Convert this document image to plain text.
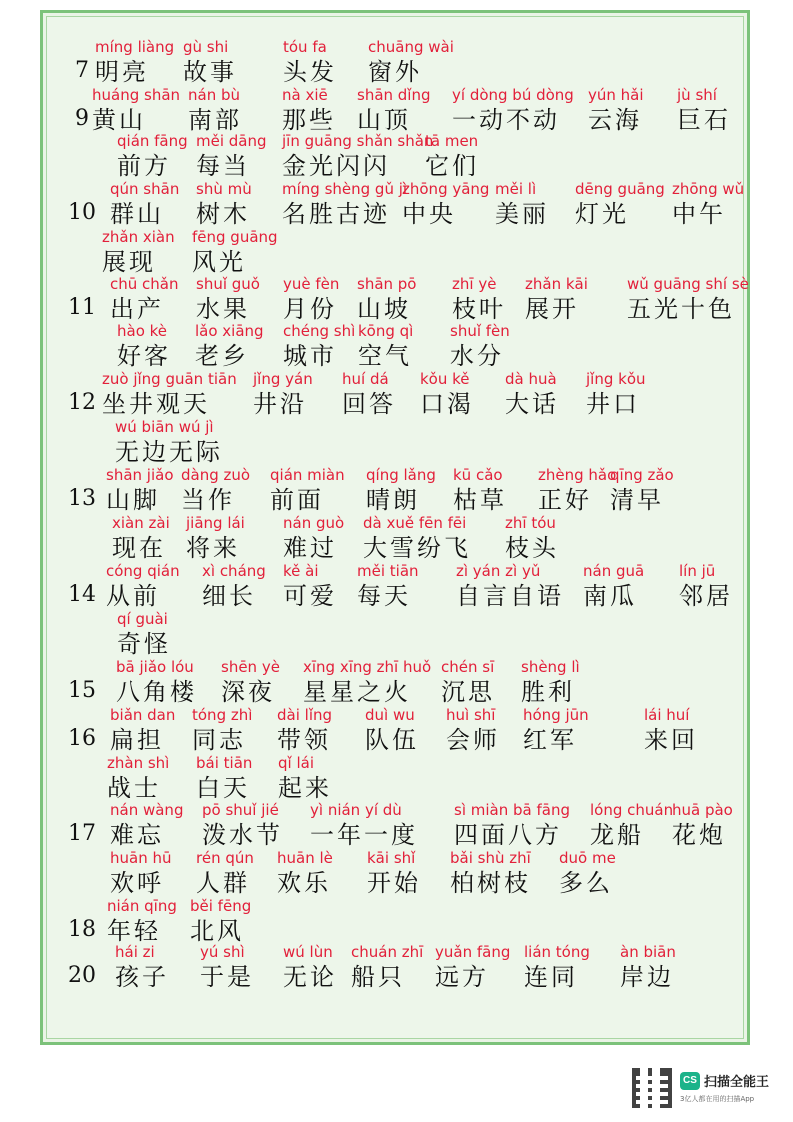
7
míng liàng
明亮
gù shi
故事
tóu fa
头发
chuāng wài
窗外
9
huáng shān
黄山
nán bù
南部
nà xiē
那些
shān dǐng
山顶
yí dòng bú dòng
一动不动
yún hǎi
云海
jù shí
巨石
qián fāng
前方
měi dāng
每当
jīn guāng shǎn shǎn
金光闪闪
tā men
它们
10
qún shān
群山
shù mù
树木
míng shèng gǔ jì
名胜古迹
zhōng yāng
中央
měi lì
美丽
dēng guāng
灯光
zhōng wǔ
中午
zhǎn xiàn
展现
fēng guāng
风光
11
chū chǎn
出产
shuǐ guǒ
水果
yuè fèn
月份
shān pō
山坡
zhī yè
枝叶
zhǎn kāi
展开
wǔ guāng shí sè
五光十色
hào kè
好客
lǎo xiāng
老乡
chéng shì
城市
kōng qì
空气
shuǐ fèn
水分
12
zuò jǐng guān tiān
坐井观天
jǐng yán
井沿
huí dá
回答
kǒu kě
口渴
dà huà
大话
jǐng kǒu
井口
wú biān wú jì
无边无际
13
shān jiǎo
山脚
dàng zuò
当作
qián miàn
前面
qíng lǎng
晴朗
kū cǎo
枯草
zhèng hǎo
正好
qīng zǎo
清早
xiàn zài
现在
jiāng lái
将来
nán guò
难过
dà xuě fēn fēi
大雪纷飞
zhī tóu
枝头
14
cóng qián
从前
xì cháng
细长
kě ài
可爱
měi tiān
每天
zì yán zì yǔ
自言自语
nán guā
南瓜
lín jū
邻居
qí guài
奇怪
15
bā jiǎo lóu
八角楼
shēn yè
深夜
xīng xīng zhī huǒ
星星之火
chén sī
沉思
shèng lì
胜利
16
biǎn dan
扁担
tóng zhì
同志
dài lǐng
带领
duì wu
队伍
huì shī
会师
hóng jūn
红军
lái huí
来回
zhàn shì
战士
bái tiān
白天
qǐ lái
起来
17
nán wàng
难忘
pō shuǐ jié
泼水节
yì nián yí dù
一年一度
sì miàn bā fāng
四面八方
lóng chuán
龙船
huā pào
花炮
huān hū
欢呼
rén qún
人群
huān lè
欢乐
kāi shǐ
开始
bǎi shù zhī
柏树枝
duō me
多么
18
nián qīng
年轻
běi fēng
北风
20
hái zi
孩子
yú shì
于是
wú lùn
无论
chuán zhī
船只
yuǎn fāng
远方
lián tóng
连同
àn biān
岸边
CS 扫描全能王
3亿人都在用的扫描App
